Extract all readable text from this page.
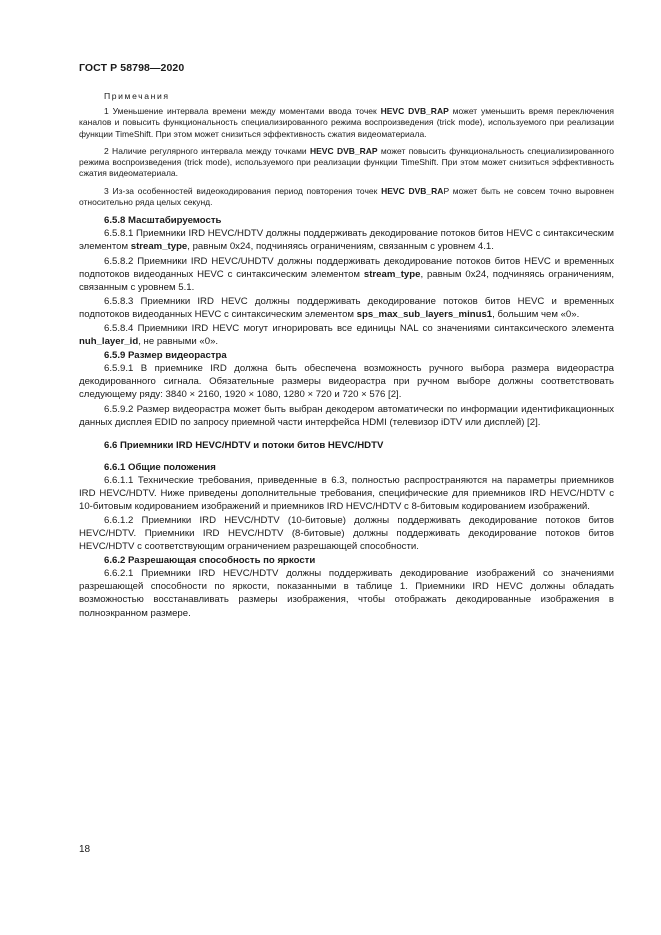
ГОСТ Р 58798—2020
Примечания

1 Уменьшение интервала времени между моментами ввода точек HEVC DVB_RAP может уменьшить время переключения каналов и повысить функциональность специализированного режима воспроизведения (trick mode), используемого при реализации функции TimeShift. При этом может снизиться эффективность сжатия видеоматериала.

2 Наличие регулярного интервала между точками HEVC DVB_RAP может повысить функциональность специализированного режима воспроизведения (trick mode), используемого при реализации функции TimeShift. При этом может снизиться эффективность сжатия видеоматериала.

3 Из-за особенностей видеокодирования период повторения точек HEVC DVB_RAP может быть не совсем точно выровнен относительно ряда целых секунд.

6.5.8 Масштабируемость

6.5.8.1 Приемники IRD HEVC/HDTV должны поддерживать декодирование потоков битов HEVC с синтаксическим элементом stream_type, равным 0x24, подчиняясь ограничениям, связанным с уровнем 4.1.

6.5.8.2 Приемники IRD HEVC/UHDTV должны поддерживать декодирование потоков битов HEVC и временных подпотоков видеоданных HEVC с синтаксическим элементом stream_type, равным 0x24, подчиняясь ограничениям, связанным с уровнем 5.1.

6.5.8.3 Приемники IRD HEVC должны поддерживать декодирование потоков битов HEVC и временных подпотоков видеоданных HEVC с синтаксическим элементом sps_max_sub_layers_minus1, большим чем «0».

6.5.8.4 Приемники IRD HEVC могут игнорировать все единицы NAL со значениями синтаксического элемента nuh_layer_id, не равными «0».

6.5.9 Размер видеорастра

6.5.9.1 В приемнике IRD должна быть обеспечена возможность ручного выбора размера видеорастра декодированного сигнала. Обязательные размеры видеорастра при ручном выборе должны соответствовать следующему ряду: 3840 × 2160, 1920 × 1080, 1280 × 720 и 720 × 576 [2].

6.5.9.2 Размер видеорастра может быть выбран декодером автоматически по информации идентификационных данных дисплея EDID по запросу приемной части интерфейса HDMI (телевизор iDTV или дисплей) [2].

6.6 Приемники IRD HEVC/HDTV и потоки битов HEVC/HDTV
6.6.1 Общие положения

6.6.1.1 Технические требования, приведенные в 6.3, полностью распространяются на параметры приемников IRD HEVC/HDTV. Ниже приведены дополнительные требования, специфические для приемников IRD HEVC/HDTV с 10-битовым кодированием изображений и приемников IRD HEVC/HDTV с 8-битовым кодированием изображений.

6.6.1.2 Приемники IRD HEVC/HDTV (10-битовые) должны поддерживать декодирование потоков битов HEVC/HDTV. Приемники IRD HEVC/HDTV (8-битовые) должны поддерживать декодирование потоков битов HEVC/HDTV с соответствующим ограничением разрешающей способности.

6.6.2 Разрешающая способность по яркости

6.6.2.1 Приемники IRD HEVC/HDTV должны поддерживать декодирование изображений со значениями разрешающей способности по яркости, показанными в таблице 1. Приемники IRD HEVC должны обладать возможностью восстанавливать размеры изображения, чтобы отображать декодированные изображения в полноэкранном размере.

18
